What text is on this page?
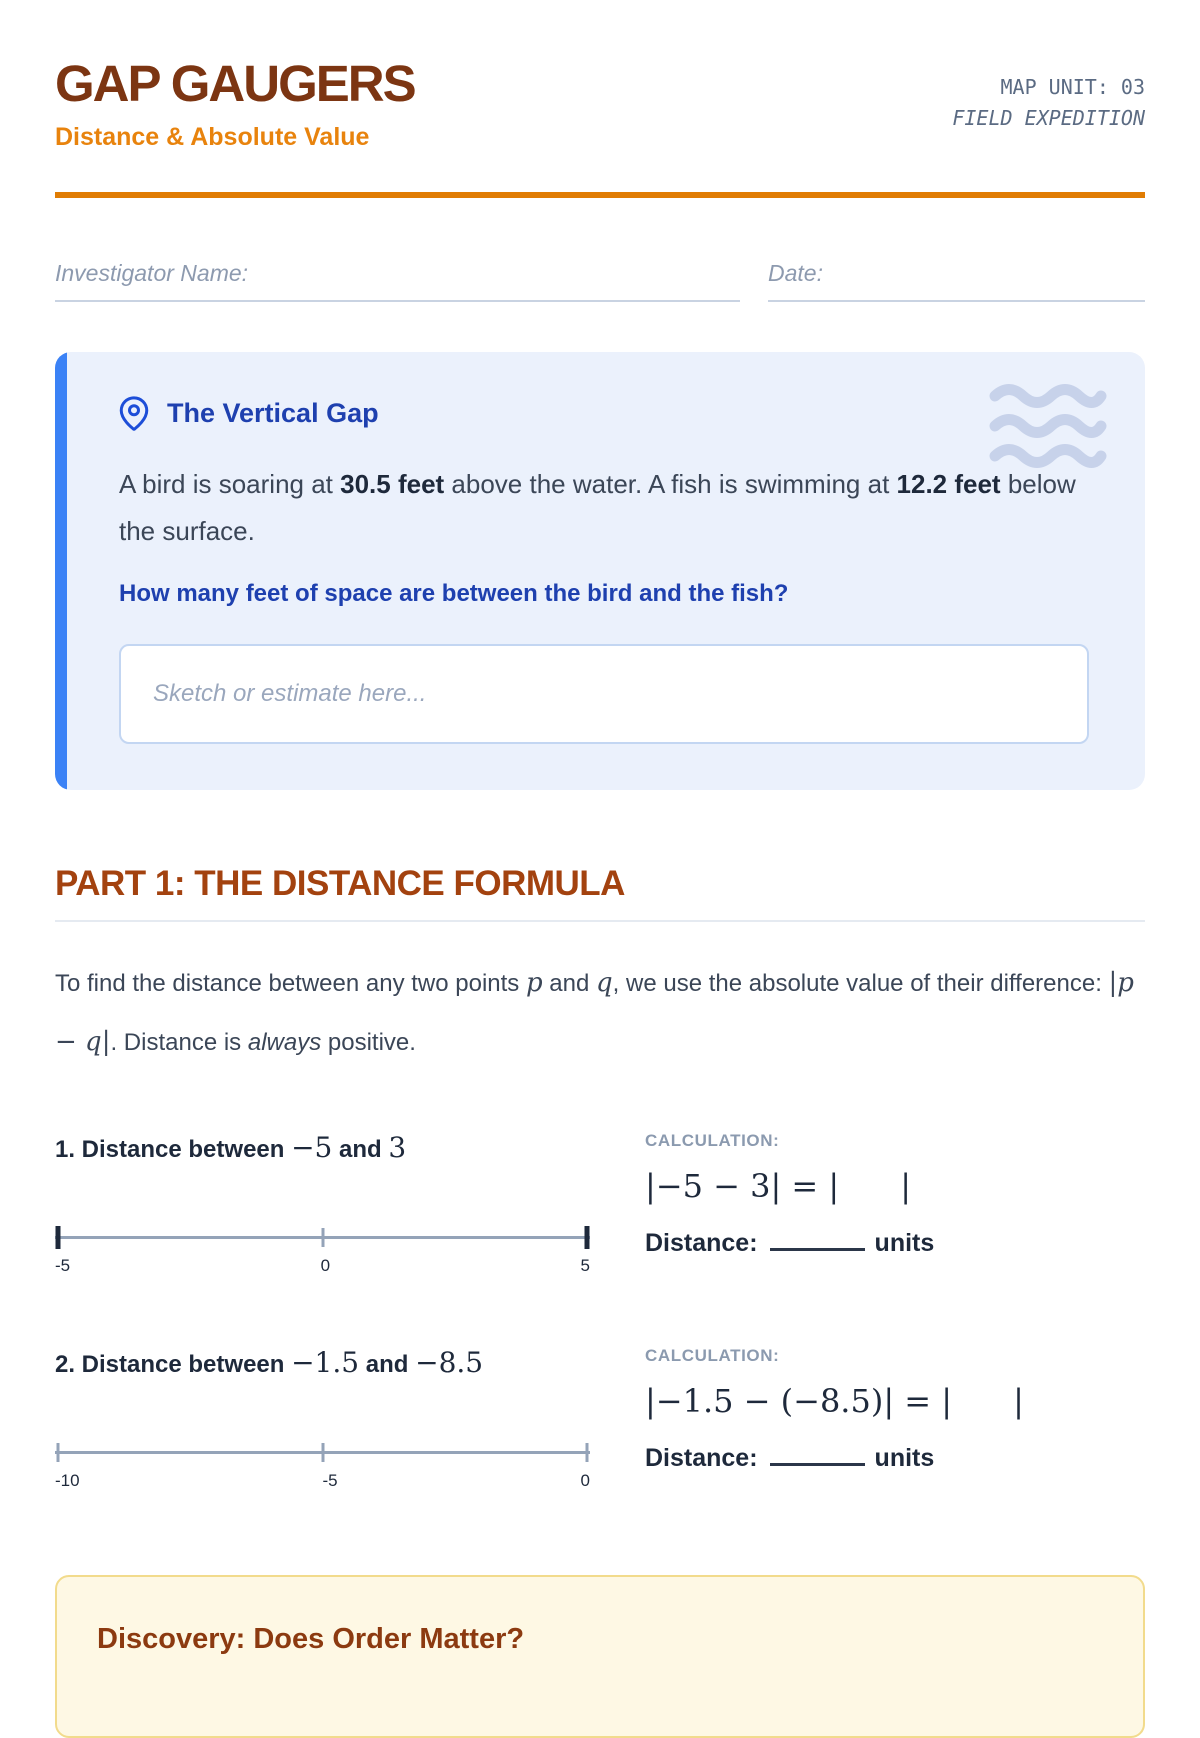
GAP GAUGERS
Distance & Absolute Value
MAP UNIT: 03
FIELD EXPEDITION
Investigator Name:	Date:
The Vertical Gap
A bird is soaring at 30.5 feet above the water. A fish is swimming at 12.2 feet below the surface.
How many feet of space are between the bird and the fish?
Sketch or estimate here...
PART 1: THE DISTANCE FORMULA

To find the distance between any two points p and q, we use the absolute value of their difference: |p − q|. Distance is always positive.

1. Distance between −5 and 3
-5	0	5
CALCULATION:
|−5 − 3| = |      |
Distance:	units
2. Distance between −1.5 and −8.5
-10	-5	0
CALCULATION:
|−1.5 − (−8.5)| = |      |
Distance:	units
Discovery: Does Order Matter?
